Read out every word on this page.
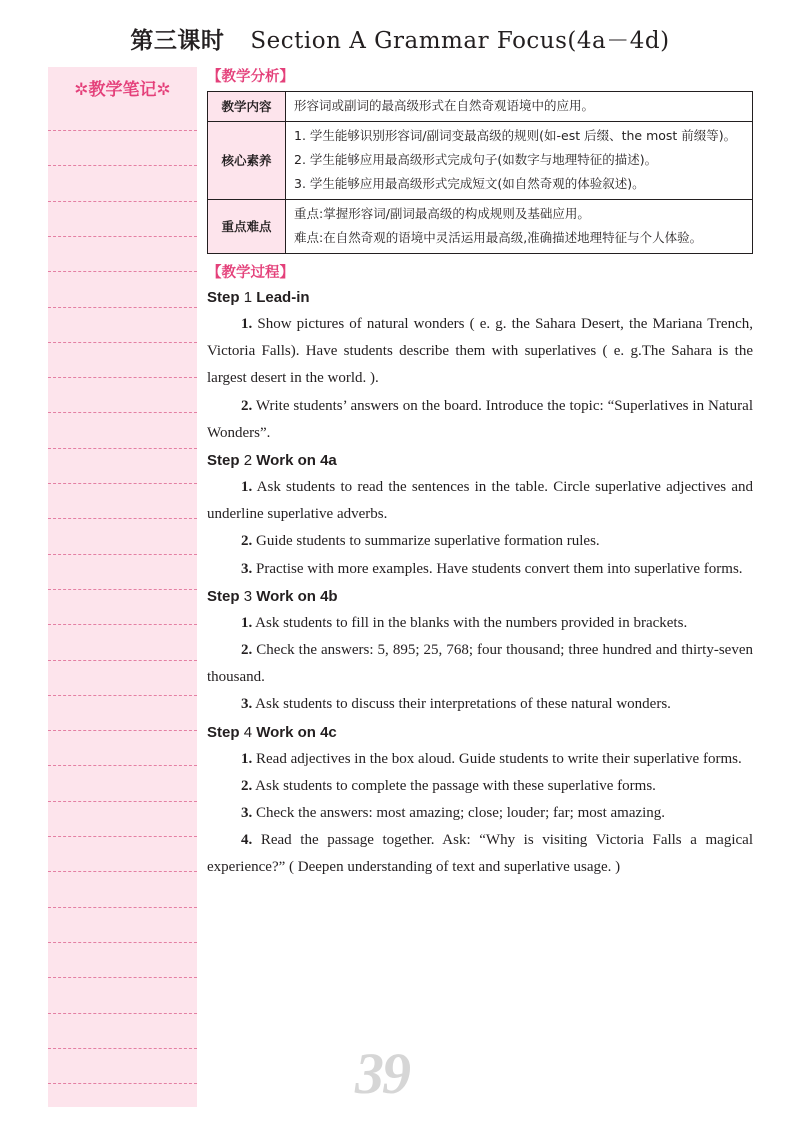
第三课时 Section A Grammar Focus(4a－4d)
✲教学笔记✲
【教学分析】
教学内容	形容词或副词的最高级形式在自然奇观语境中的应用。

核心素养	1. 学生能够识别形容词/副词变最高级的规则(如-est 后缀、the most 前缀等)。
2. 学生能够应用最高级形式完成句子(如数字与地理特征的描述)。
3. 学生能够应用最高级形式完成短文(如自然奇观的体验叙述)。

重点难点	重点:掌握形容词/副词最高级的构成规则及基础应用。
难点:在自然奇观的语境中灵活运用最高级,准确描述地理特征与个人体验。
【教学过程】
Step 1 Lead-in

1. Show pictures of natural wonders ( e. g. the Sahara Desert, the Mariana Trench, Victoria Falls). Have students describe them with superlatives ( e. g.The Sahara is the largest desert in the world. ).

2. Write students’ answers on the board. Introduce the topic: “Superlatives in Natural Wonders”.

Step 2 Work on 4a

1. Ask students to read the sentences in the table. Circle superlative adjectives and underline superlative adverbs.

2. Guide students to summarize superlative formation rules.

3. Practise with more examples. Have students convert them into superlative forms.

Step 3 Work on 4b

1. Ask students to fill in the blanks with the numbers provided in brackets.

2. Check the answers: 5, 895; 25, 768; four thousand; three hundred and thirty-seven thousand.

3. Ask students to discuss their interpretations of these natural wonders.

Step 4 Work on 4c

1. Read adjectives in the box aloud. Guide students to write their superlative forms.

2. Ask students to complete the passage with these superlative forms.

3. Check the answers: most amazing; close; louder; far; most amazing.

4. Read the passage together. Ask: “Why is visiting Victoria Falls a magical experience?” ( Deepen understanding of text and superlative usage. )

39
